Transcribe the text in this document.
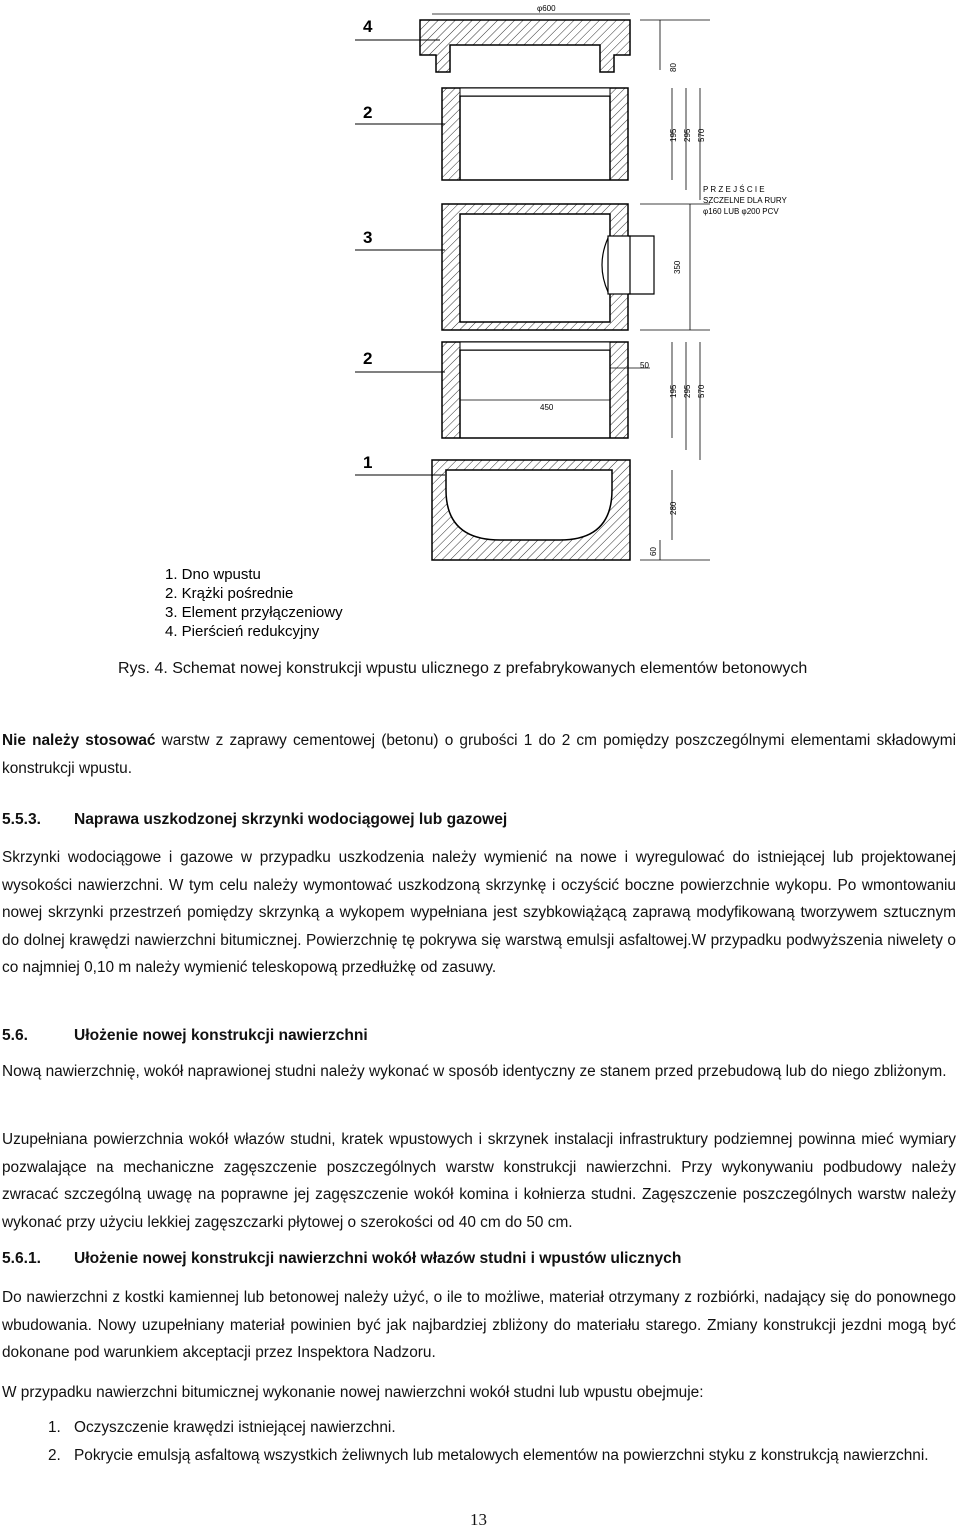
4
2
3
2
1
φ600
80
195 295 570
350
P R Z E J Ś C I E
SZCZELNE DLA RURY
φ160 LUB φ200 PCV
50
450
195 295 570
280
60
1. Dno wpustu
2. Krążki pośrednie
3. Element przyłączeniowy
4. Pierścień redukcyjny
Rys. 4. Schemat nowej konstrukcji wpustu ulicznego z prefabrykowanych elementów betonowych

Nie należy stosować warstw z zaprawy cementowej (betonu) o grubości 1 do 2 cm pomiędzy poszczególnymi elementami składowymi konstrukcji wpustu.

5.5.3. Naprawa uszkodzonej skrzynki wodociągowej lub gazowej

Skrzynki wodociągowe i gazowe w przypadku uszkodzenia należy wymienić na nowe i wyregulować do istniejącej lub projektowanej wysokości nawierzchni. W tym celu należy wymontować uszkodzoną skrzynkę i oczyścić boczne powierzchnie wykopu. Po wmontowaniu nowej skrzynki przestrzeń pomiędzy skrzynką a wykopem wypełniana jest szybkowiążącą zaprawą modyfikowaną tworzywem sztucznym do dolnej krawędzi nawierzchni bitumicznej. Powierzchnię tę pokrywa się warstwą emulsji asfaltowej.W przypadku podwyższenia niwelety o co najmniej 0,10 m należy wymienić teleskopową przedłużkę od zasuwy.

5.6.	Ułożenie nowej konstrukcji nawierzchni

Nową nawierzchnię, wokół naprawionej studni należy wykonać w sposób identyczny ze stanem przed przebudową lub do niego zbliżonym.

Uzupełniana powierzchnia wokół włazów studni, kratek wpustowych i skrzynek instalacji infrastruktury podziemnej powinna mieć wymiary pozwalające na mechaniczne zagęszczenie poszczególnych warstw konstrukcji nawierzchni. Przy wykonywaniu podbudowy należy zwracać szczególną uwagę na poprawne jej zagęszczenie wokół komina i kołnierza studni. Zagęszczenie poszczególnych warstw należy wykonać przy użyciu lekkiej zagęszczarki płytowej o szerokości od 40 cm do 50 cm.

5.6.1. Ułożenie nowej konstrukcji nawierzchni wokół włazów studni i wpustów ulicznych

Do nawierzchni z kostki kamiennej lub betonowej należy użyć, o ile to możliwe, materiał otrzymany z rozbiórki, nadający się do ponownego wbudowania. Nowy uzupełniany materiał powinien być jak najbardziej zbliżony do materiału starego. Zmiany konstrukcji jezdni mogą być dokonane pod warunkiem akceptacji przez Inspektora Nadzoru.

W przypadku nawierzchni bitumicznej wykonanie nowej nawierzchni wokół studni lub wpustu obejmuje:

1. Oczyszczenie krawędzi istniejącej nawierzchni.
2. Pokrycie emulsją asfaltową wszystkich żeliwnych lub metalowych elementów na powierzchni styku z konstrukcją nawierzchni.
13
